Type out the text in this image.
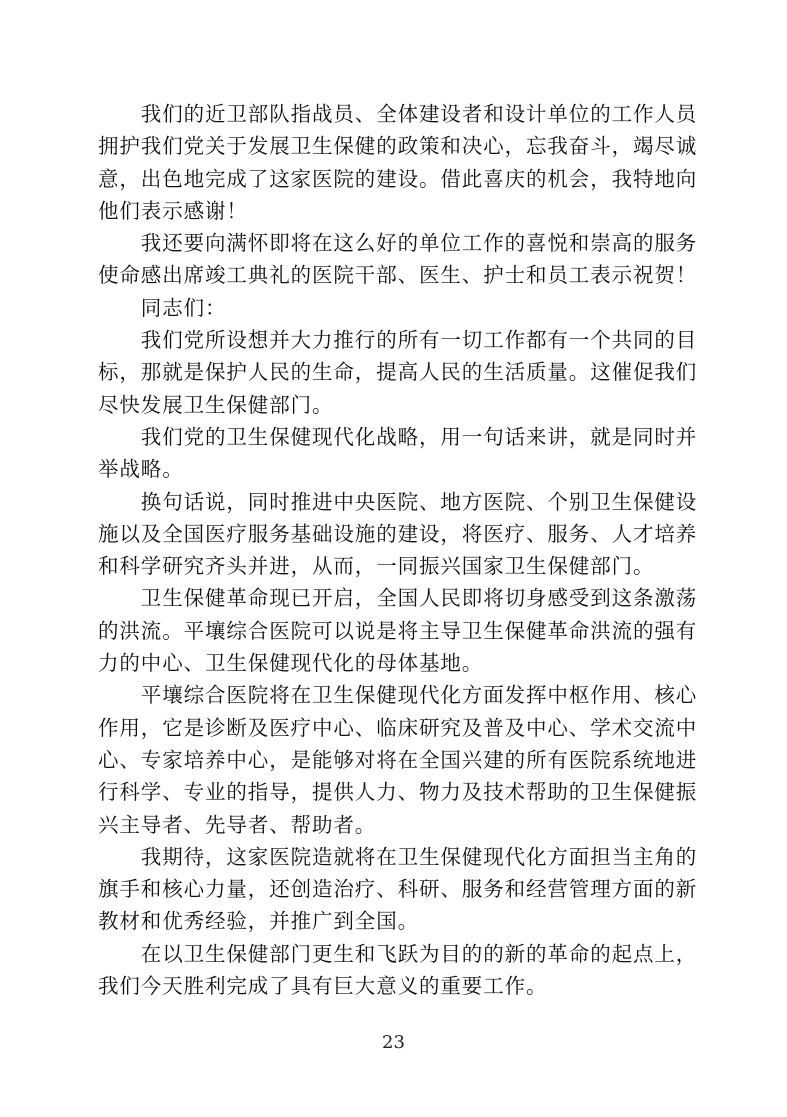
　　我们的近卫部队指战员、全体建设者和设计单位的工作人员
拥护我们党关于发展卫生保健的政策和决心，忘我奋斗，竭尽诚
意，出色地完成了这家医院的建设。借此喜庆的机会，我特地向
他们表示感谢！
　　我还要向满怀即将在这么好的单位工作的喜悦和崇高的服务
使命感出席竣工典礼的医院干部、医生、护士和员工表示祝贺！
　　同志们：
　　我们党所设想并大力推行的所有一切工作都有一个共同的目
标，那就是保护人民的生命，提高人民的生活质量。这催促我们
尽快发展卫生保健部门。
　　我们党的卫生保健现代化战略，用一句话来讲，就是同时并
举战略。
　　换句话说，同时推进中央医院、地方医院、个别卫生保健设
施以及全国医疗服务基础设施的建设，将医疗、服务、人才培养
和科学研究齐头并进，从而，一同振兴国家卫生保健部门。
　　卫生保健革命现已开启，全国人民即将切身感受到这条激荡
的洪流。平壤综合医院可以说是将主导卫生保健革命洪流的强有
力的中心、卫生保健现代化的母体基地。
　　平壤综合医院将在卫生保健现代化方面发挥中枢作用、核心
作用，它是诊断及医疗中心、临床研究及普及中心、学术交流中
心、专家培养中心，是能够对将在全国兴建的所有医院系统地进
行科学、专业的指导，提供人力、物力及技术帮助的卫生保健振
兴主导者、先导者、帮助者。
　　我期待，这家医院造就将在卫生保健现代化方面担当主角的
旗手和核心力量，还创造治疗、科研、服务和经营管理方面的新
教材和优秀经验，并推广到全国。
　　在以卫生保健部门更生和飞跃为目的的新的革命的起点上，
我们今天胜利完成了具有巨大意义的重要工作。
23
